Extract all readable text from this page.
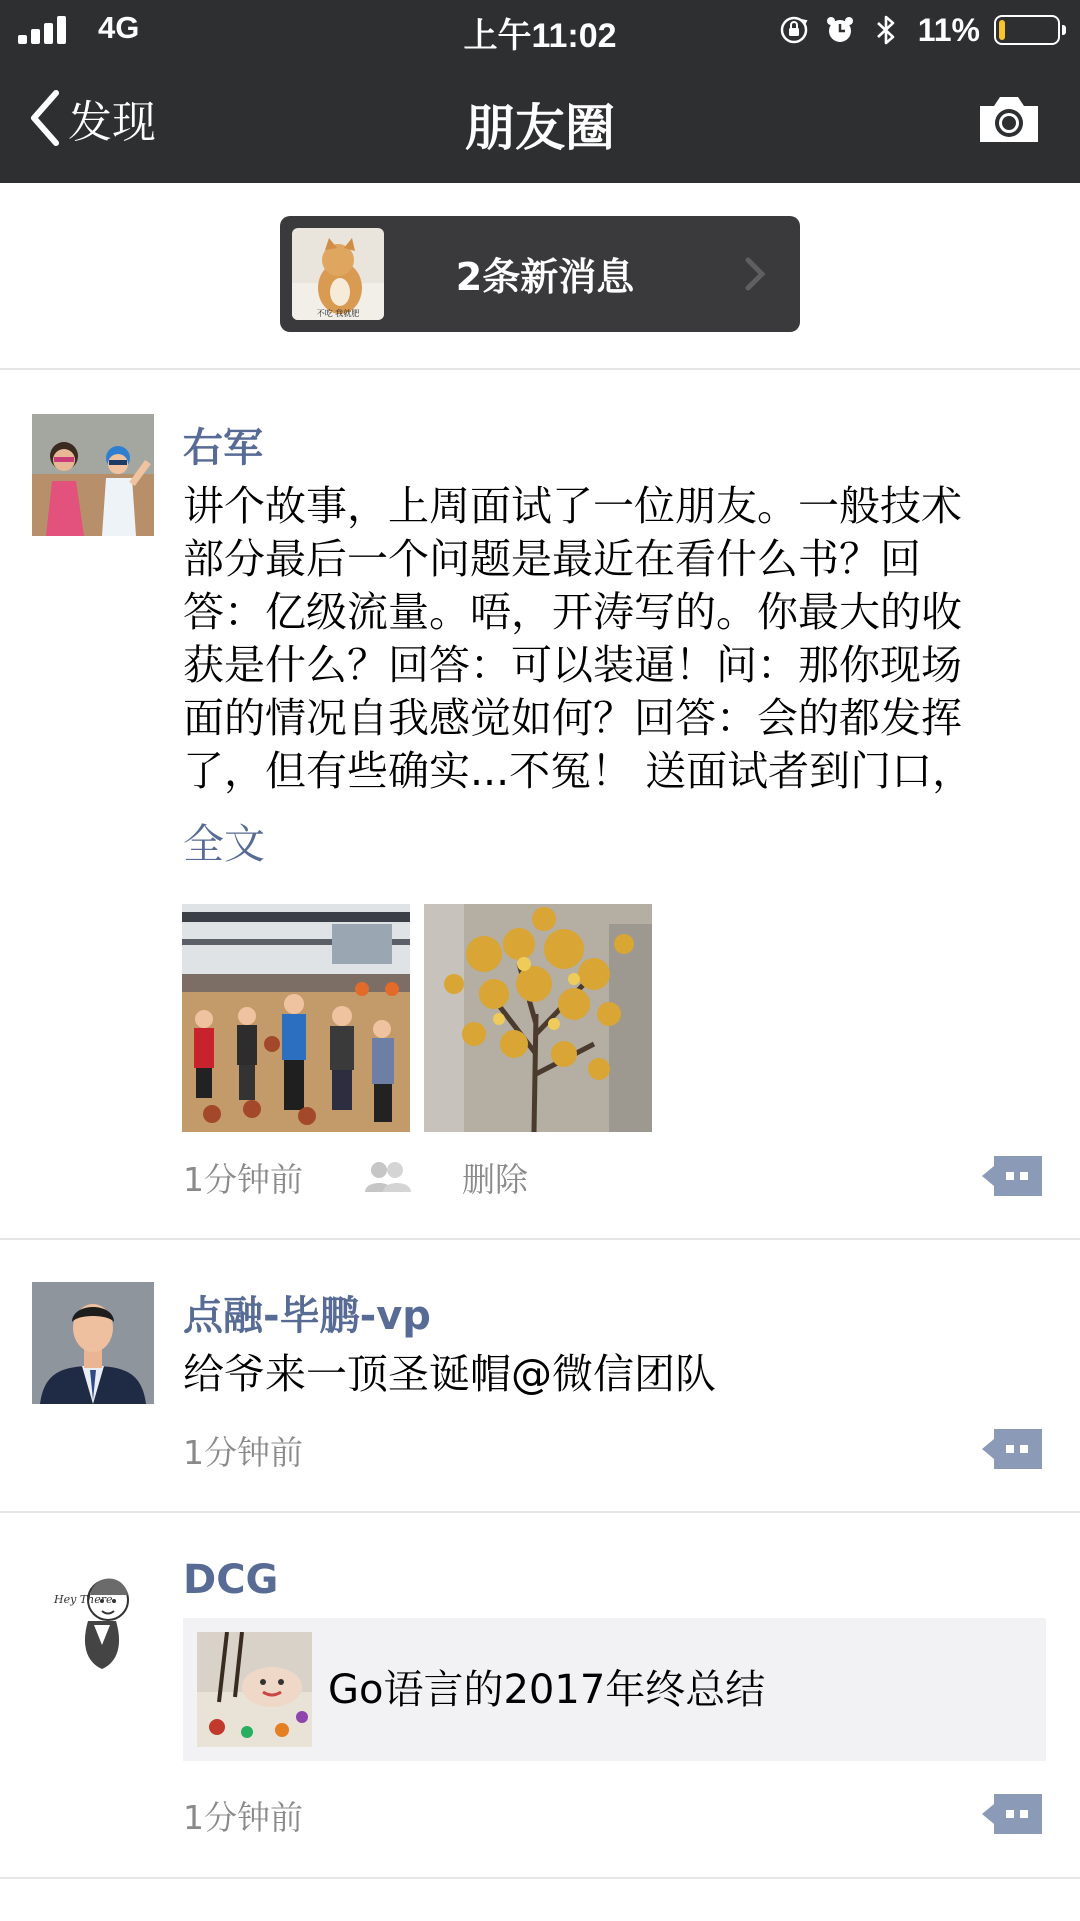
4G	上午11:02	11%
发现	朋友圈
不吃 我就肥
2条新消息
右军
讲个故事，上周面试了一位朋友。一般技术
部分最后一个问题是最近在看什么书？回
答：亿级流量。唔，开涛写的。你最大的收
获是什么？回答：可以装逼！问：那你现场
面的情况自我感觉如何？回答：会的都发挥
了，但有些确实...不冤！ 送面试者到门口，
全文
1分钟前	删除
点融-毕鹏-vp
给爷来一顶圣诞帽@微信团队
1分钟前
Hey There DCG
Go语言的2017年终总结
1分钟前
